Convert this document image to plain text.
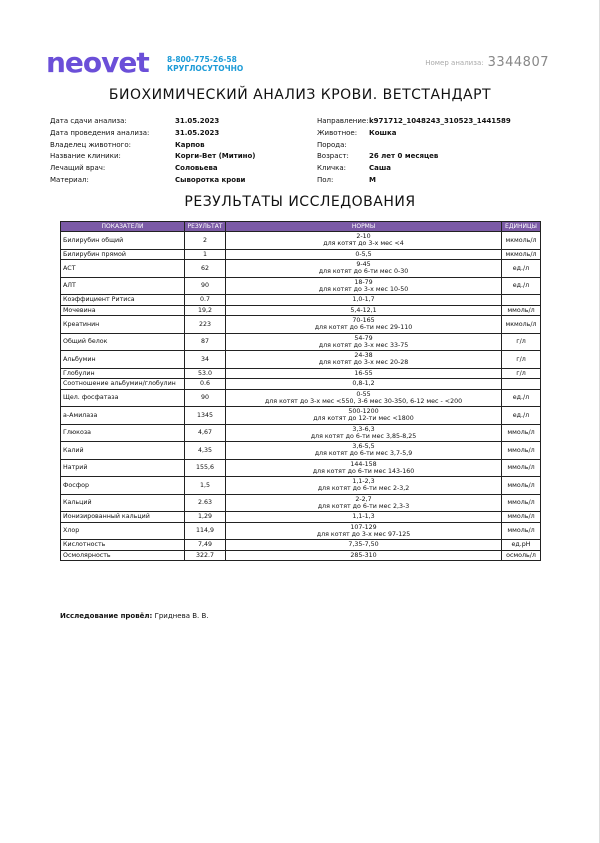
neovet 8-800-775-26-58
КРУГЛОСУТОЧНО
Номер анализа: 3344807
БИОХИМИЧЕСКИЙ АНАЛИЗ КРОВИ. ВЕТСТАНДАРТ
Дата сдачи анализа:	31.05.2023
Дата проведения анализа:	31.05.2023
Владелец животного:	Карпов
Название клиники:	Корги-Вет (Митино)
Лечащий врач:	Соловьева
Материал:	Сыворотка крови
Направление: k971712_1048243_310523_1441589
Животное:	Кошка
Порода:
Возраст:	26 лет 0 месяцев
Кличка:	Саша
Пол:	М
РЕЗУЛЬТАТЫ ИССЛЕДОВАНИЯ
ПОКАЗАТЕЛИ	РЕЗУЛЬТАТ	НОРМЫ	ЕДИНИЦЫ
Билирубин общий	2	2-10
для котят до 3-х мес <4	мкмоль/л
Билирубин прямой	1	0-5,5	мкмоль/л
АСТ	62	9-45
для котят до 6-ти мес 0-30	ед./л
АЛТ	90	18-79
для котят до 3-х мес 10-50	ед./л
Коэффициент Ритиса	0.7	1,0-1,7	

Мочевина	19,2	5,4-12,1	ммоль/л
Креатинин	223	70-165
для котят до 6-ти мес 29-110	мкмоль/л
Общий белок	87	54-79
для котят до 3-х мес 33-75	г/л
Альбумин	34	24-38
для котят до 3-х мес 20-28	г/л
Глобулин	53.0	16-55	г/л
Соотношение альбумин/глобулин	0.6	0,8-1,2	

Щел. фосфатаза	90	0-55
для котят до 3-х мес <550, 3-6 мес 30-350, 6-12 мес - <200	ед./л
a-Амилаза	1345	500-1200
для котят до 12-ти мес <1800	ед./л
Глюкоза	4,67	3,3-6,3
для котят до 6-ти мес 3,85-8,25	ммоль/л
Калий	4,35	3,6-5,5
для котят до 6-ти мес 3,7-5,9	ммоль/л
Натрий	155,6	144-158
для котят до 6-ти мес 143-160	ммоль/л
Фосфор	1,5	1,1-2,3
для котят до 6-ти мес 2-3,2	ммоль/л
Кальций	2.63	2-2,7
для котят до 6-ти мес 2,3-3	ммоль/л
Ионизированный кальций	1,29	1,1-1,3	ммоль/л
Хлор	114,9	107-129
для котят до 3-х мес 97-125	ммоль/л
Кислотность	7,49	7,35-7,50	ед.рН
Осмолярность	322.7	285-310	осмоль/л
Исследование провёл: Гриднева В. В.
